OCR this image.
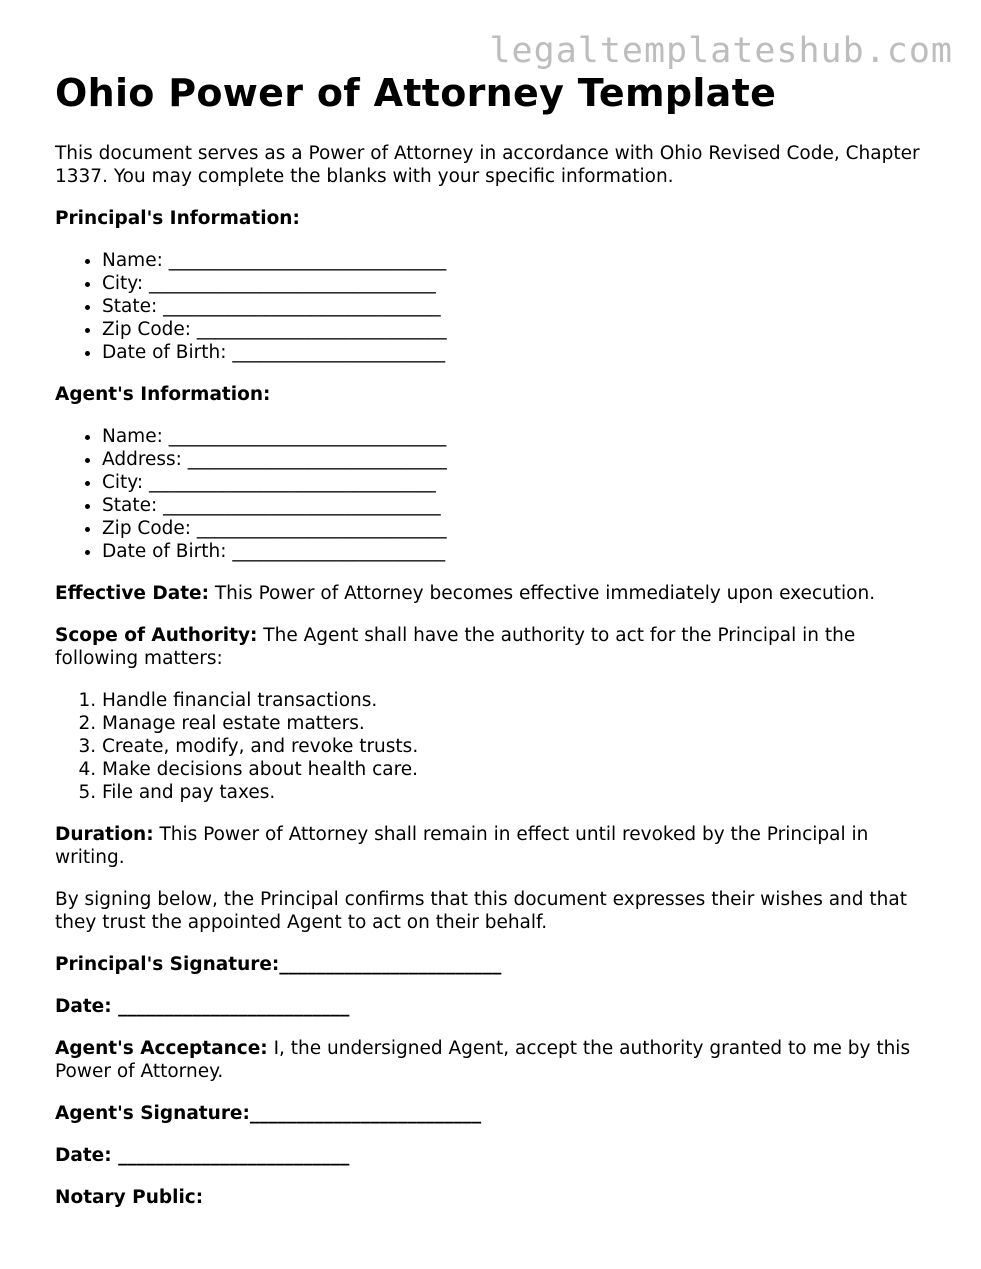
legaltemplateshub.com
Ohio Power of Attorney Template

This document serves as a Power of Attorney in accordance with Ohio Revised Code, Chapter 1337. You may complete the blanks with your specific information.

Principal's Information:

• Name: ______________________________
• City: _______________________________
• State: ______________________________
• Zip Code: ___________________________
• Date of Birth: _______________________

Agent's Information:

• Name: ______________________________
• Address: ____________________________
• City: _______________________________
• State: ______________________________
• Zip Code: ___________________________
• Date of Birth: _______________________

Effective Date: This Power of Attorney becomes effective immediately upon execution.

Scope of Authority: The Agent shall have the authority to act for the Principal in the following matters:

1. Handle financial transactions.
2. Manage real estate matters.
3. Create, modify, and revoke trusts.
4. Make decisions about health care.
5. File and pay taxes.

Duration: This Power of Attorney shall remain in effect until revoked by the Principal in writing.

By signing below, the Principal confirms that this document expresses their wishes and that they trust the appointed Agent to act on their behalf.

Principal's Signature:________________________

Date: _________________________

Agent's Acceptance: I, the undersigned Agent, accept the authority granted to me by this Power of Attorney.

Agent's Signature:_________________________

Date: _________________________

Notary Public:
